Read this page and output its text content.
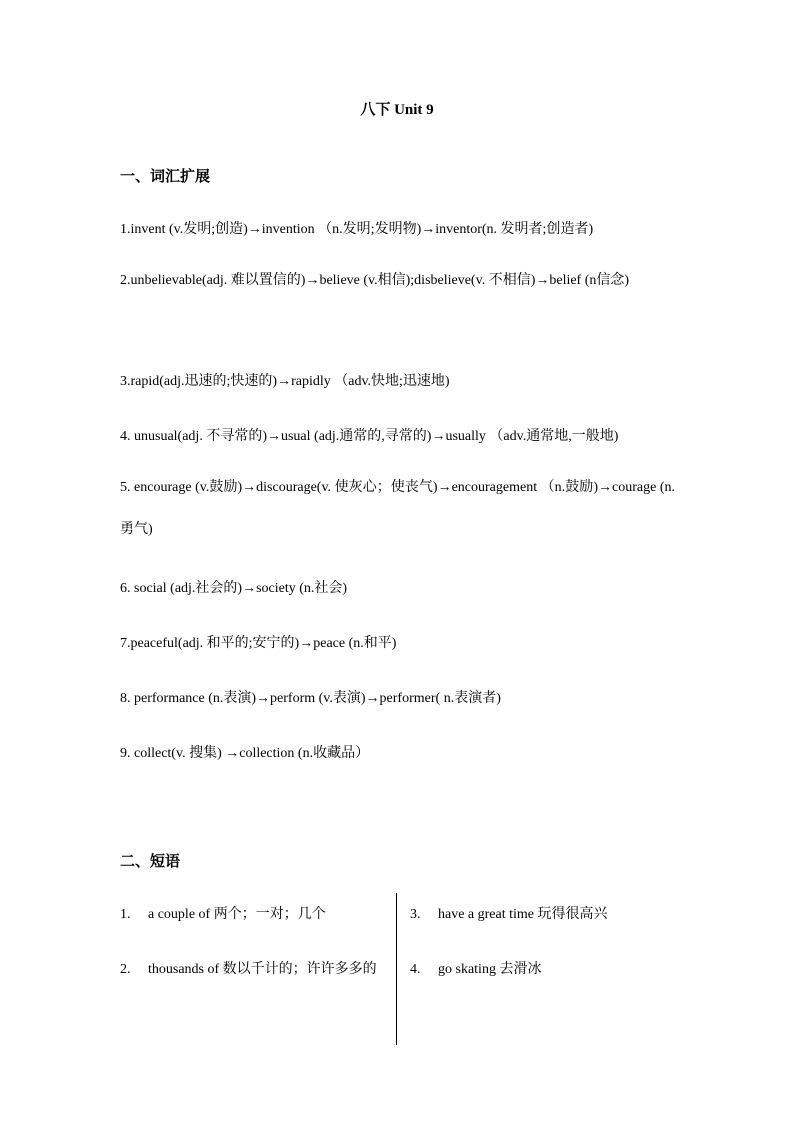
八下 Unit 9
一、词汇扩展
1.invent (v.发明;创造)→invention （n.发明;发明物)→inventor(n. 发明者;创造者)
2.unbelievable(adj. 难以置信的)→believe (v.相信);disbelieve(v. 不相信)→belief (n信念)
3.rapid(adj.迅速的;快速的)→rapidly （adv.快地;迅速地)
4. unusual(adj. 不寻常的)→usual (adj.通常的,寻常的)→usually （adv.通常地,一般地)
5. encourage (v.鼓励)→discourage(v. 使灰心；使丧气)→encouragement （n.鼓励)→courage (n.勇气)
6. social (adj.社会的)→society (n.社会)
7.peaceful(adj. 和平的;安宁的)→peace (n.和平)
8. performance (n.表演)→perform (v.表演)→performer( n.表演者)
9. collect(v. 搜集) →collection (n.收藏品）
二、短语
1. a couple of 两个；一对；几个
2. thousands of 数以千计的；许许多多的
3. have a great time 玩得很高兴
4. go skating 去滑冰
